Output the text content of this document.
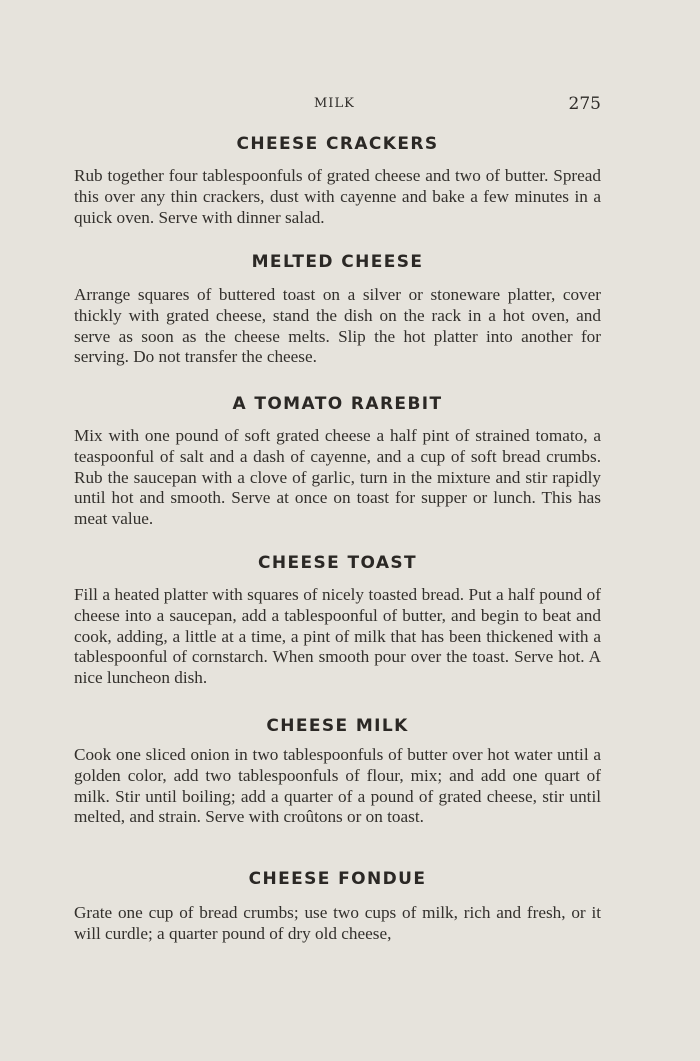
MILK	275
CHEESE CRACKERS

Rub together four tablespoonfuls of grated cheese and two of butter. Spread this over any thin crackers, dust with cayenne and bake a few minutes in a quick oven. Serve with dinner salad.

MELTED CHEESE

Arrange squares of buttered toast on a silver or stoneware platter, cover thickly with grated cheese, stand the dish on the rack in a hot oven, and serve as soon as the cheese melts. Slip the hot platter into another for serving. Do not transfer the cheese.

A TOMATO RAREBIT

Mix with one pound of soft grated cheese a half pint of strained tomato, a teaspoonful of salt and a dash of cayenne, and a cup of soft bread crumbs. Rub the saucepan with a clove of garlic, turn in the mixture and stir rapidly until hot and smooth. Serve at once on toast for supper or lunch. This has meat value.

CHEESE TOAST

Fill a heated platter with squares of nicely toasted bread. Put a half pound of cheese into a saucepan, add a tablespoonful of butter, and begin to beat and cook, adding, a little at a time, a pint of milk that has been thickened with a tablespoonful of cornstarch. When smooth pour over the toast. Serve hot. A nice luncheon dish.

CHEESE MILK

Cook one sliced onion in two tablespoonfuls of butter over hot water until a golden color, add two tablespoonfuls of flour, mix; and add one quart of milk. Stir until boiling; add a quarter of a pound of grated cheese, stir until melted, and strain. Serve with croûtons or on toast.

CHEESE FONDUE

Grate one cup of bread crumbs; use two cups of milk, rich and fresh, or it will curdle; a quarter pound of dry old cheese,
